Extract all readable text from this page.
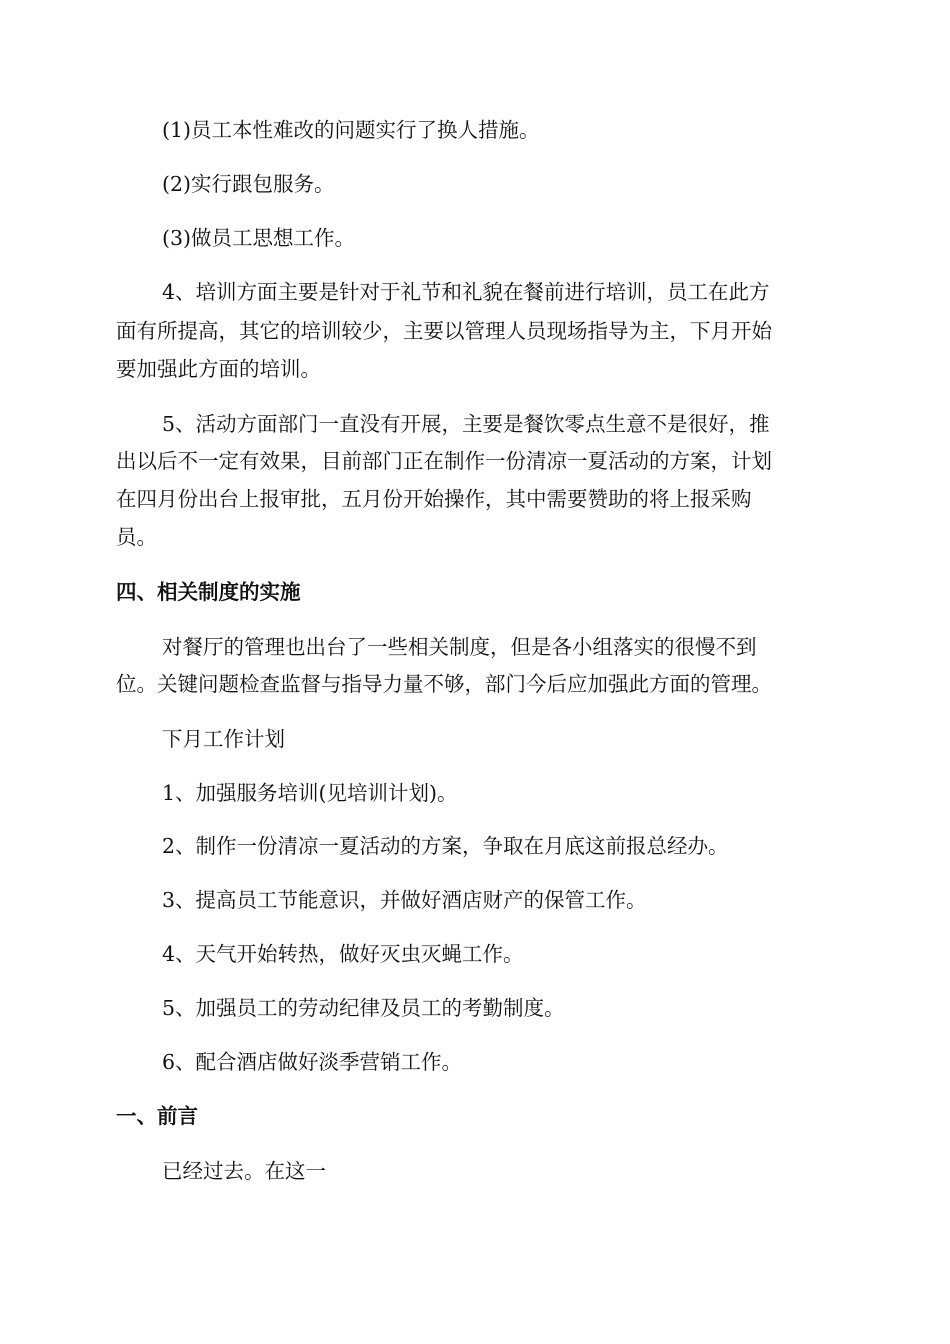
(1)员工本性难改的问题实行了换人措施。
(2)实行跟包服务。
(3)做员工思想工作。
4、培训方面主要是针对于礼节和礼貌在餐前进行培训，员工在此方
面有所提高，其它的培训较少，主要以管理人员现场指导为主，下月开始
要加强此方面的培训。
5、活动方面部门一直没有开展，主要是餐饮零点生意不是很好，推
出以后不一定有效果，目前部门正在制作一份清凉一夏活动的方案，计划
在四月份出台上报审批，五月份开始操作，其中需要赞助的将上报采购
员。
四、相关制度的实施
对餐厅的管理也出台了一些相关制度，但是各小组落实的很慢不到
位。关键问题检查监督与指导力量不够，部门今后应加强此方面的管理。
下月工作计划
1、加强服务培训(见培训计划)。
2、制作一份清凉一夏活动的方案，争取在月底这前报总经办。
3、提高员工节能意识，并做好酒店财产的保管工作。
4、天气开始转热，做好灭虫灭蝇工作。
5、加强员工的劳动纪律及员工的考勤制度。
6、配合酒店做好淡季营销工作。
一、前言
已经过去。在这一
